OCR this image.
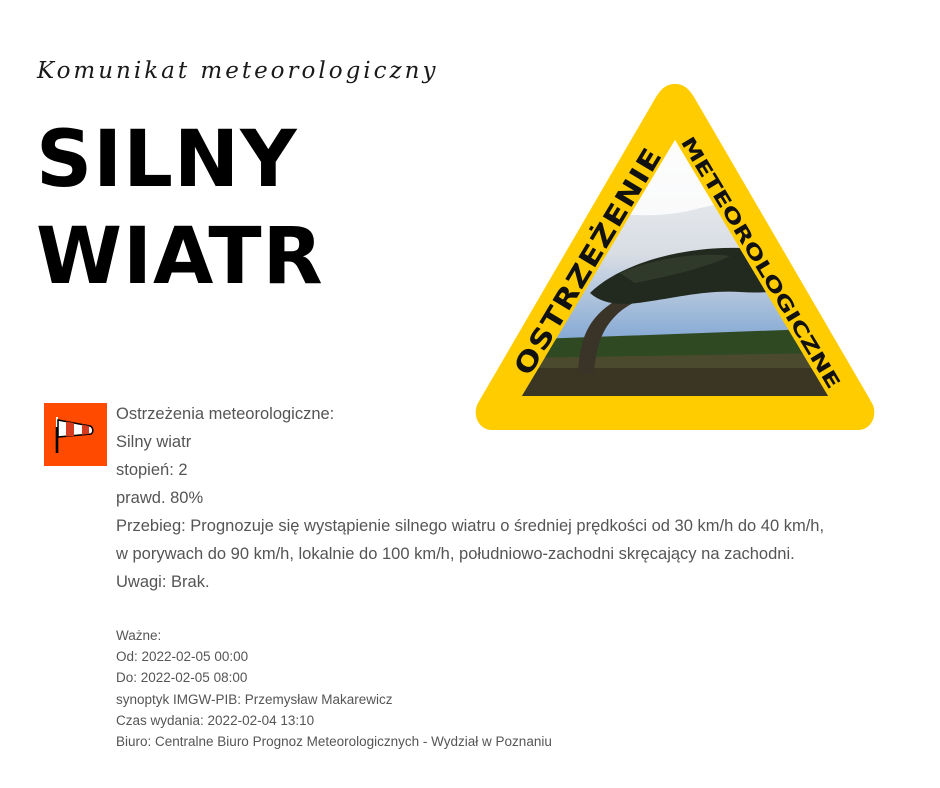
Komunikat meteorologiczny
SILNY
WIATR	OSTRZEŻENIE	METEOROLOGICZNE
Ostrzeżenia meteorologiczne:
Silny wiatr
stopień: 2
prawd. 80%
Przebieg: Prognozuje się wystąpienie silnego wiatru o średniej prędkości od 30 km/h do 40 km/h,
w porywach do 90 km/h, lokalnie do 100 km/h, południowo-zachodni skręcający na zachodni.
Uwagi: Brak.
Ważne:
Od: 2022-02-05 00:00
Do: 2022-02-05 08:00
synoptyk IMGW-PIB: Przemysław Makarewicz
Czas wydania: 2022-02-04 13:10
Biuro: Centralne Biuro Prognoz Meteorologicznych - Wydział w Poznaniu
